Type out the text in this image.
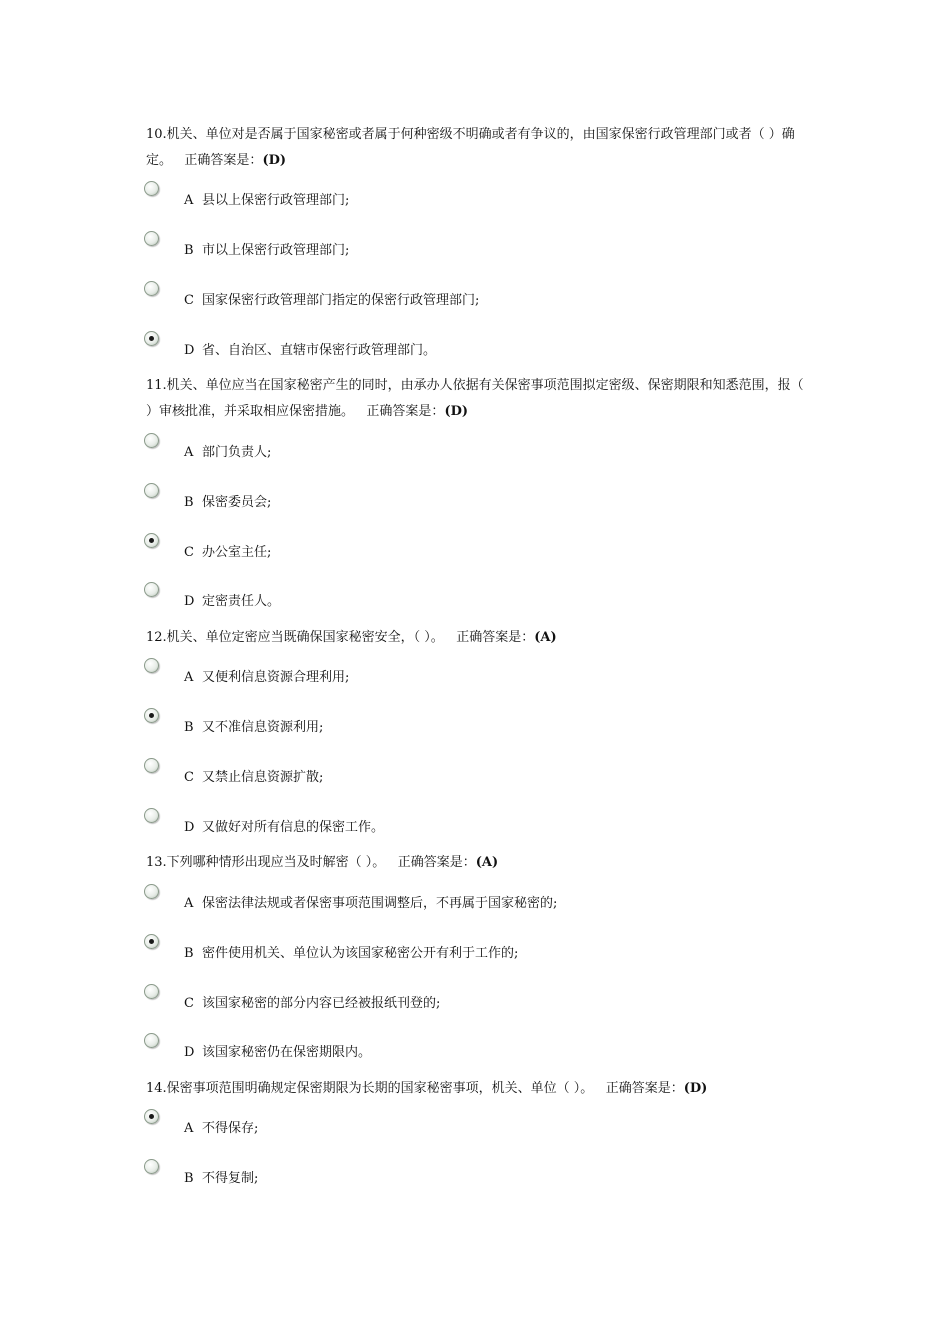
10.机关、单位对是否属于国家秘密或者属于何种密级不明确或者有争议的，由国家保密行政管理部门或者（ ）确定。 正确答案是：(D)

A 县以上保密行政管理部门;
B 市以上保密行政管理部门;
C 国家保密行政管理部门指定的保密行政管理部门;
D 省、自治区、直辖市保密行政管理部门。

11.机关、单位应当在国家秘密产生的同时，由承办人依据有关保密事项范围拟定密级、保密期限和知悉范围，报（ ）审核批准，并采取相应保密措施。 正确答案是：(D)

A 部门负责人;
B 保密委员会;
C 办公室主任;
D 定密责任人。

12.机关、单位定密应当既确保国家秘密安全，（ ）。 正确答案是：(A)

A 又便利信息资源合理利用;
B 又不准信息资源利用;
C 又禁止信息资源扩散;
D 又做好对所有信息的保密工作。

13.下列哪种情形出现应当及时解密（ ）。 正确答案是：(A)

A 保密法律法规或者保密事项范围调整后，不再属于国家秘密的;
B 密件使用机关、单位认为该国家秘密公开有利于工作的;
C 该国家秘密的部分内容已经被报纸刊登的;
D 该国家秘密仍在保密期限内。

14.保密事项范围明确规定保密期限为长期的国家秘密事项，机关、单位（ ）。 正确答案是：(D)

A 不得保存;
B 不得复制;
